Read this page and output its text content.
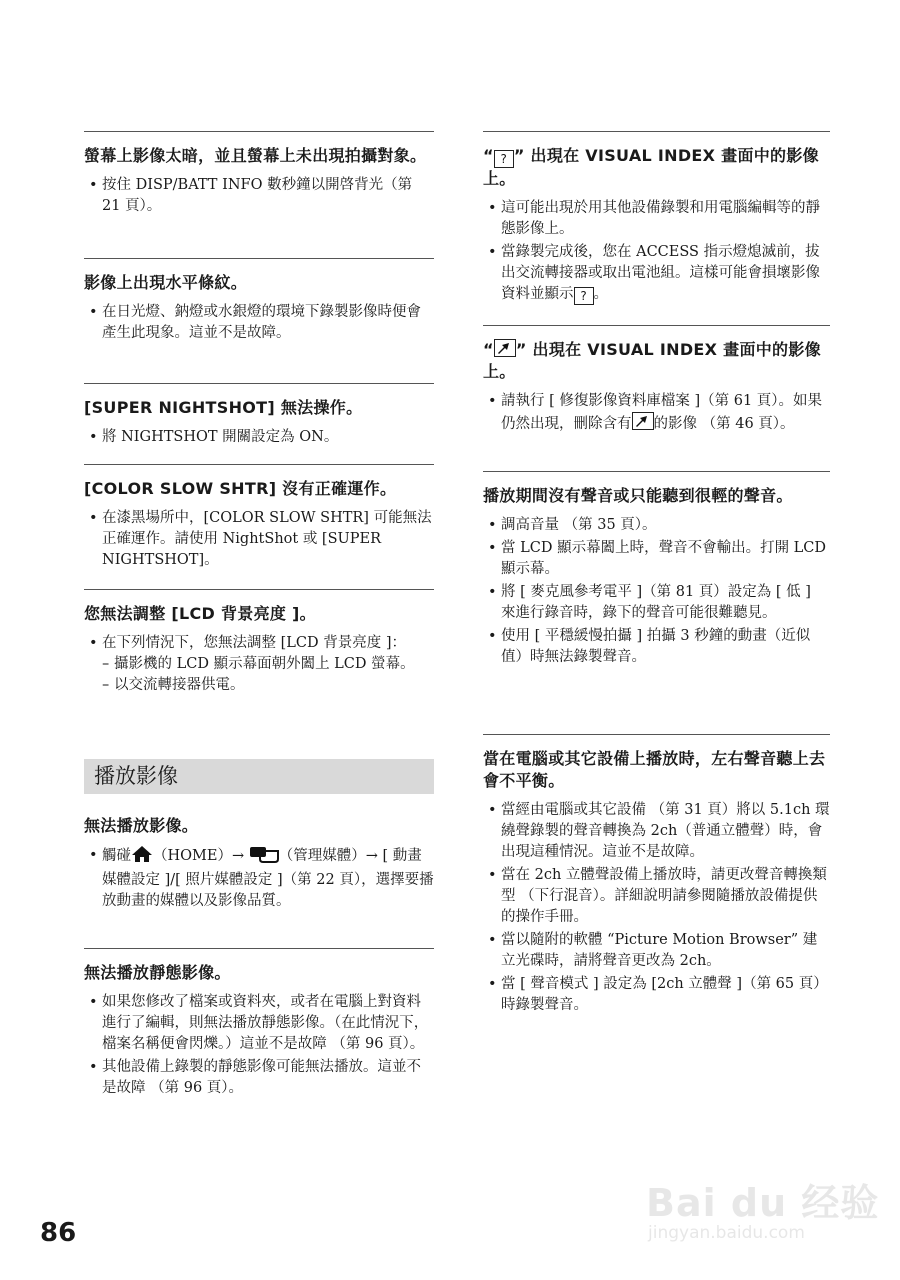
螢幕上影像太暗，並且螢幕上未出現拍攝對象。
• 按住 DISP/BATT INFO 數秒鐘以開啓背光（第 21 頁）。
影像上出現水平條紋。
• 在日光燈、鈉燈或水銀燈的環境下錄製影像時便會產生此現象。這並不是故障。
[SUPER NIGHTSHOT] 無法操作。
• 將 NIGHTSHOT 開關設定為 ON。
[COLOR SLOW SHTR] 沒有正確運作。
• 在漆黑場所中，[COLOR SLOW SHTR] 可能無法正確運作。請使用 NightShot 或 [SUPER NIGHTSHOT]。
您無法調整 [LCD 背景亮度 ]。
• 在下列情況下，您無法調整 [LCD 背景亮度 ]：
– 攝影機的 LCD 顯示幕面朝外闔上 LCD 螢幕。
– 以交流轉接器供電。
播放影像
無法播放影像。
• 觸碰 （HOME）→ （管理媒體）→ [ 動畫媒體設定 ]/[ 照片媒體設定 ]（第 22 頁），選擇要播放動畫的媒體以及影像品質。
無法播放靜態影像。
• 如果您修改了檔案或資料夾，或者在電腦上對資料進行了編輯，則無法播放靜態影像。（在此情況下，檔案名稱便會閃爍。）這並不是故障 （第 96 頁）。
• 其他設備上錄製的靜態影像可能無法播放。這並不是故障 （第 96 頁）。
“ ? ” 出現在 VISUAL INDEX 畫面中的影像上。
• 這可能出現於用其他設備錄製和用電腦編輯等的靜態影像上。
• 當錄製完成後，您在 ACCESS 指示燈熄滅前，拔出交流轉接器或取出電池組。這樣可能會損壞影像資料並顯示 ? 。
“ ” 出現在 VISUAL INDEX 畫面中的影像上。
• 請執行 [ 修復影像資料庫檔案 ]（第 61 頁）。如果仍然出現，刪除含有 的影像 （第 46 頁）。
播放期間沒有聲音或只能聽到很輕的聲音。
• 調高音量 （第 35 頁）。
• 當 LCD 顯示幕闔上時，聲音不會輸出。打開 LCD 顯示幕。
• 將 [ 麥克風參考電平 ]（第 81 頁）設定為 [ 低 ] 來進行錄音時，錄下的聲音可能很難聽見。
• 使用 [ 平穩緩慢拍攝 ] 拍攝 3 秒鐘的動畫（近似值）時無法錄製聲音。
當在電腦或其它設備上播放時，左右聲音聽上去會不平衡。
• 當經由電腦或其它設備 （第 31 頁）將以 5.1ch 環繞聲錄製的聲音轉換為 2ch（普通立體聲）時，會出現這種情況。這並不是故障。
• 當在 2ch 立體聲設備上播放時，請更改聲音轉換類型 （下行混音）。詳細說明請參閱隨播放設備提供的操作手冊。
• 當以隨附的軟體 “Picture Motion Browser” 建立光碟時，請將聲音更改為 2ch。
• 當 [ 聲音模式 ] 設定為 [2ch 立體聲 ]（第 65 頁）時錄製聲音。
Bai du 经验
jingyan.baidu.com
86
